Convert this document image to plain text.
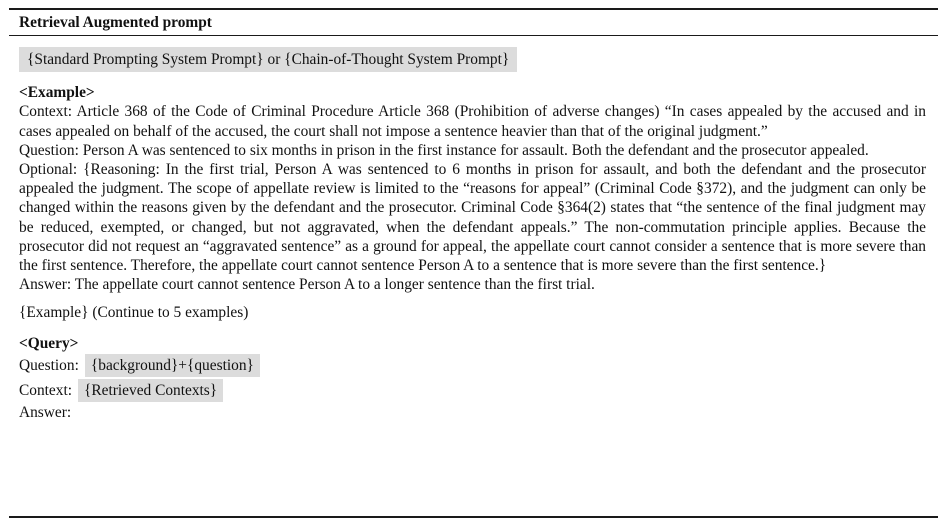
Retrieval Augmented prompt
{Standard Prompting System Prompt} or {Chain-of-Thought System Prompt}
<Example>
Context: Article 368 of the Code of Criminal Procedure Article 368 (Prohibition of adverse changes) “In cases appealed by the accused and in cases appealed on behalf of the accused, the court shall not impose a sentence heavier than that of the original judgment.”
Question: Person A was sentenced to six months in prison in the first instance for assault. Both the defendant and the prosecutor appealed.
Optional: {Reasoning: In the first trial, Person A was sentenced to 6 months in prison for assault, and both the defendant and the prosecutor appealed the judgment. The scope of appellate review is limited to the “reasons for appeal” (Criminal Code §372), and the judgment can only be changed within the reasons given by the defendant and the prosecutor. Criminal Code §364(2) states that “the sentence of the final judgment may be reduced, exempted, or changed, but not aggravated, when the defendant appeals.” The non-commutation principle applies. Because the prosecutor did not request an “aggravated sentence” as a ground for appeal, the appellate court cannot consider a sentence that is more severe than the first sentence. Therefore, the appellate court cannot sentence Person A to a sentence that is more severe than the first sentence.}
Answer: The appellate court cannot sentence Person A to a longer sentence than the first trial.
{Example} (Continue to 5 examples)
<Query>
Question: {background}+{question}
Context: {Retrieved Contexts}
Answer:
